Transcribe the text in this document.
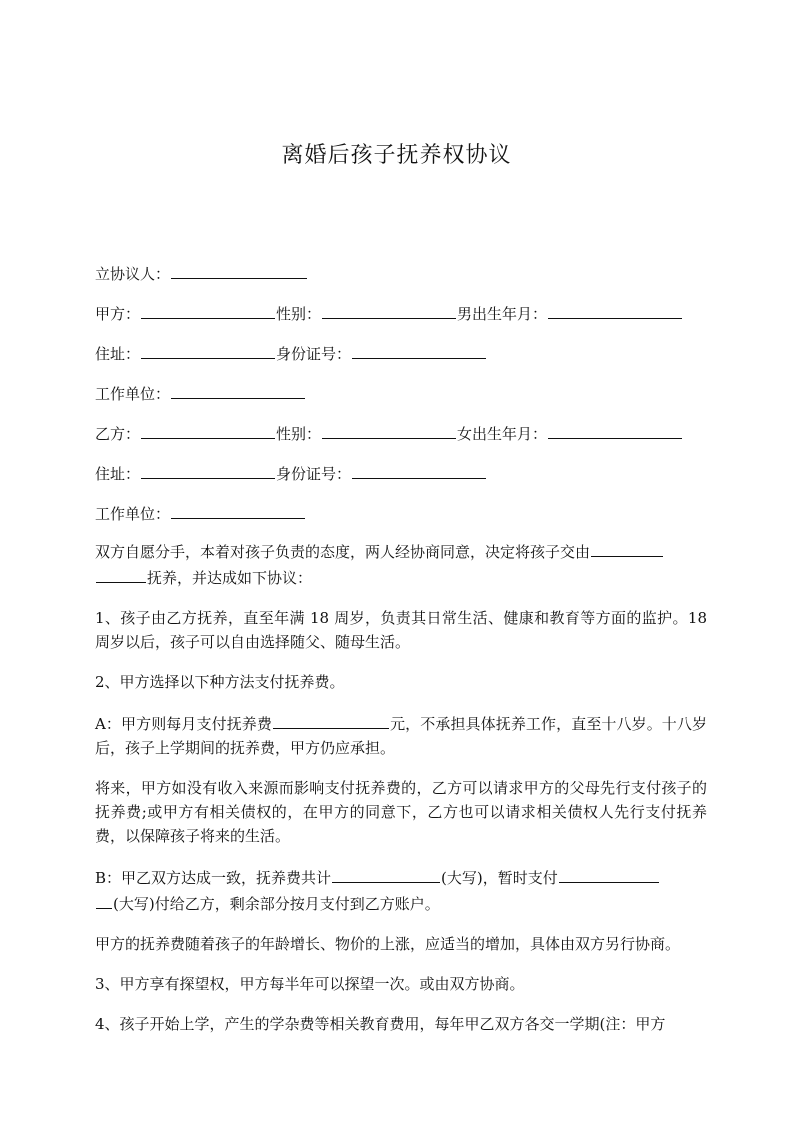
离婚后孩子抚养权协议
立协议人：
甲方：	性别：	男出生年月：
住址：	身份证号：
工作单位：
乙方：	性别：	女出生年月：
住址：	身份证号：
工作单位：
双方自愿分手，本着对孩子负责的态度，两人经协商同意，决定将孩子交由
抚养，并达成如下协议：
1、孩子由乙方抚养，直至年满 18 周岁，负责其日常生活、健康和教育等方面的监护。18 周岁以后，孩子可以自由选择随父、随母生活。
2、甲方选择以下种方法支付抚养费。
A：甲方则每月支付抚养费	元，不承担具体抚养工作，直至十八岁。十八岁后，孩子上学期间的抚养费，甲方仍应承担。
将来，甲方如没有收入来源而影响支付抚养费的，乙方可以请求甲方的父母先行支付孩子的抚养费;或甲方有相关债权的，在甲方的同意下，乙方也可以请求相关债权人先行支付抚养费，以保障孩子将来的生活。
B：甲乙双方达成一致，抚养费共计	(大写)，暂时支付
(大写)付给乙方，剩余部分按月支付到乙方账户。
甲方的抚养费随着孩子的年龄增长、物价的上涨，应适当的增加，具体由双方另行协商。
3、甲方享有探望权，甲方每半年可以探望一次。或由双方协商。
4、孩子开始上学，产生的学杂费等相关教育费用，每年甲乙双方各交一学期(注：甲方
